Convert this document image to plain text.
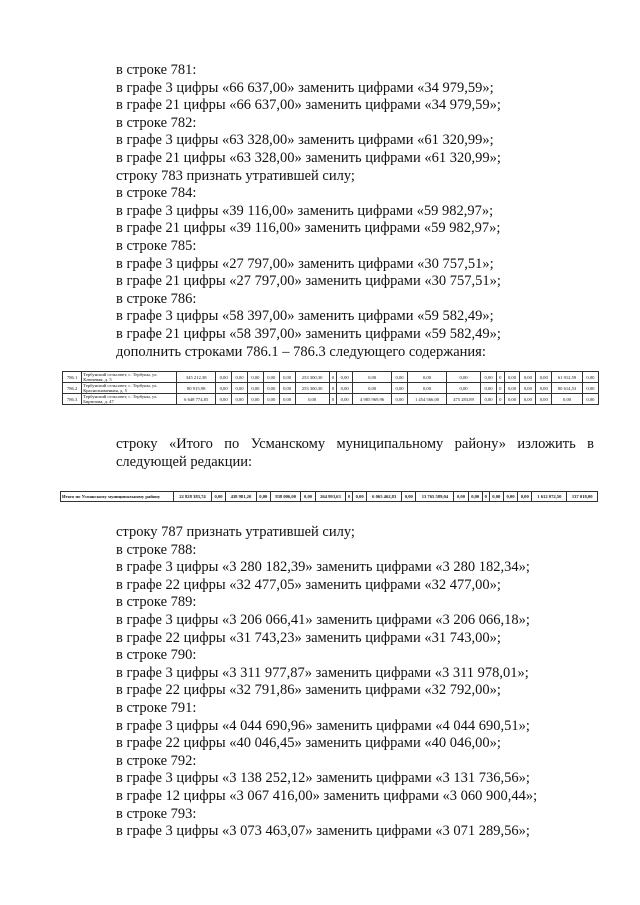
в строке 781:
в графе 3 цифры «66 637,00» заменить цифрами «34 979,59»;
в графе 21 цифры «66 637,00» заменить цифрами «34 979,59»;
в строке 782:
в графе 3 цифры «63 328,00» заменить цифрами «61 320,99»;
в графе 21 цифры «63 328,00» заменить цифрами «61 320,99»;
строку 783 признать утратившей силу;
в строке 784:
в графе 3 цифры «39 116,00» заменить цифрами «59 982,97»;
в графе 21 цифры «39 116,00» заменить цифрами «59 982,97»;
в строке 785:
в графе 3 цифры «27 797,00» заменить цифрами «30 757,51»;
в графе 21 цифры «27 797,00» заменить цифрами «30 757,51»;
в строке 786:
в графе 3 цифры «58 397,00» заменить цифрами «59 582,49»;
в графе 21 цифры «58 397,00» заменить цифрами «59 582,49»;
дополнить строками 786.1 – 786.3 следующего содержания:
786.1	Тербунский сельсовет, с. Тербуны, ул. Ключевая, д. 5	345 212,38	0,00	0,00	0,00	0,00	0,00	253 300,30	0	0,00	0,00	0,00	0,00	0,00	0,00	0	0,00	0,00	0,00	61 912,59	0,00
786.2	Тербунский сельсовет, с. Тербуны, ул. Краснознаменная, д. 5	80 915,98	0,00	0,00	0,00	0,00	0,00	253 300,30	0	0,00	0,00	0,00	0,00	0,00	0,00	0	0,00	0,00	0,00	80 614,53	0,00
786.3	Тербунский сельсовет, с. Тербуны, ул. Бирюзова, д. 47	6 648 774,85	0,00	0,00	0,00	0,00	0,00	0,00	0	0,00	4 985 969,96	0,00	1 454 566,00	475 283,89	0,00	0	0,00	0,00	0,00	0,00	0,00
строку «Итого по Усманскому муниципальному району» изложить в следующей редакции:
Итого по Усманскому муниципальному району	22 828 383,74	0,00	438 981,20	0,00	838 006,00	0,00	264 993,63	0	0,00	6 065 462,83	0,00	13 765 589,04	0,00	0,00	0	0,00	0,00	0,00	1 612 072,50	137 018,00
строку 787 признать утратившей силу;
в строке 788:
в графе 3 цифры «3 280 182,39» заменить цифрами «3 280 182,34»;
в графе 22 цифры «32 477,05» заменить цифрами «32 477,00»;
в строке 789:
в графе 3 цифры «3 206 066,41» заменить цифрами «3 206 066,18»;
в графе 22 цифры «31 743,23» заменить цифрами «31 743,00»;
в строке 790:
в графе 3 цифры «3 311 977,87» заменить цифрами «3 311 978,01»;
в графе 22 цифры «32 791,86» заменить цифрами «32 792,00»;
в строке 791:
в графе 3 цифры «4 044 690,96» заменить цифрами «4 044 690,51»;
в графе 22 цифры «40 046,45» заменить цифрами «40 046,00»;
в строке 792:
в графе 3 цифры «3 138 252,12» заменить цифрами «3 131 736,56»;
в графе 12 цифры «3 067 416,00» заменить цифрами «3 060 900,44»;
в строке 793:
в графе 3 цифры «3 073 463,07» заменить цифрами «3 071 289,56»;
